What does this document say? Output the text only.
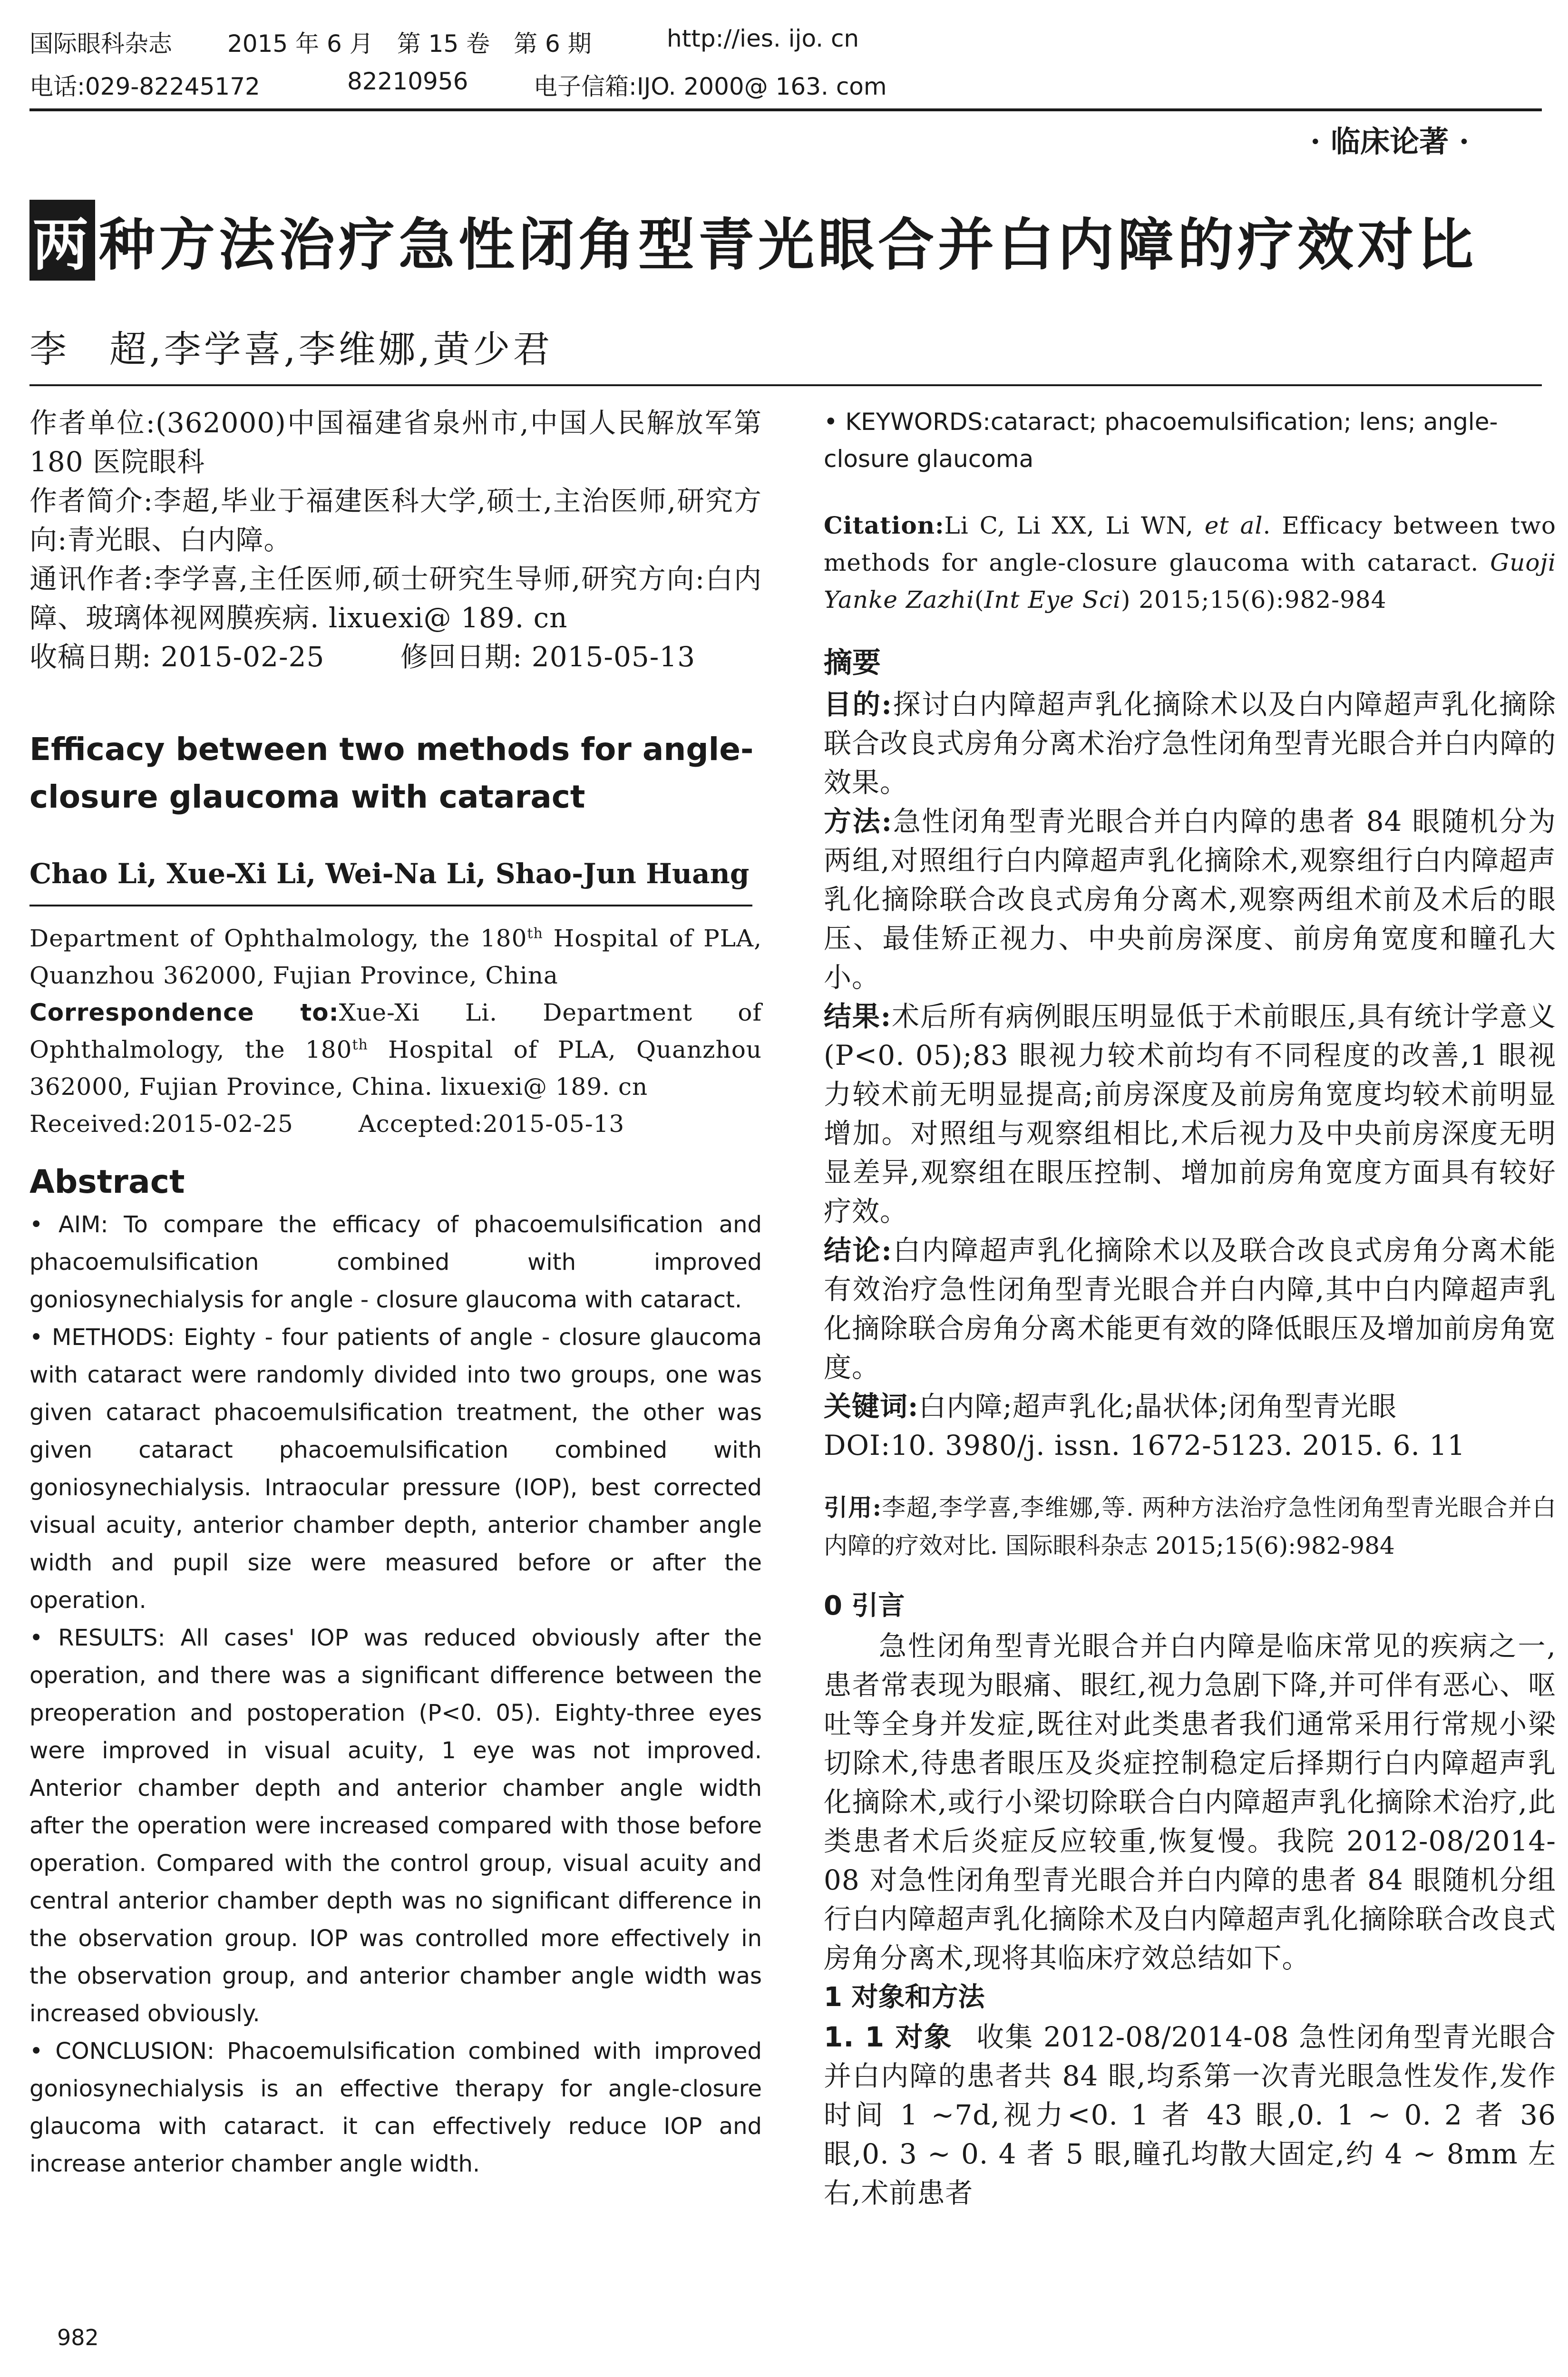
国际眼科杂志 2015 年 6 月　第 15 卷　第 6 期	http://ies. ijo. cn
电话:029-82245172	82210956	电子信箱:IJO. 2000@ 163. com
· 临床论著 ·
两 种方法治疗急性闭角型青光眼合并白内障的疗效对比
李　超,李学喜,李维娜,黄少君

作者单位:(362000)中国福建省泉州市,中国人民解放军第 180 医院眼科

作者简介:李超,毕业于福建医科大学,硕士,主治医师,研究方向:青光眼、白内障。

通讯作者:李学喜,主任医师,硕士研究生导师,研究方向:白内障、玻璃体视网膜疾病. lixuexi@ 189. cn

收稿日期: 2015-02-25	修回日期: 2015-05-13

Efficacy between two methods for angle-closure glaucoma with cataract

Chao Li, Xue-Xi Li, Wei-Na Li, Shao-Jun Huang

Department of Ophthalmology, the 180th Hospital of PLA, Quanzhou 362000, Fujian Province, China

Correspondence to:Xue-Xi Li. Department of Ophthalmology, the 180th Hospital of PLA, Quanzhou 362000, Fujian Province, China. lixuexi@ 189. cn

Received:2015-02-25	Accepted:2015-05-13

Abstract

• AIM: To compare the efficacy of phacoemulsification and phacoemulsification combined with improved goniosynechialysis for angle - closure glaucoma with cataract.

• METHODS: Eighty - four patients of angle - closure glaucoma with cataract were randomly divided into two groups, one was given cataract phacoemulsification treatment, the other was given cataract phacoemulsification combined with goniosynechialysis. Intraocular pressure (IOP), best corrected visual acuity, anterior chamber depth, anterior chamber angle width and pupil size were measured before or after the operation.

• RESULTS: All cases' IOP was reduced obviously after the operation, and there was a significant difference between the preoperation and postoperation (P<0. 05). Eighty-three eyes were improved in visual acuity, 1 eye was not improved. Anterior chamber depth and anterior chamber angle width after the operation were increased compared with those before operation. Compared with the control group, visual acuity and central anterior chamber depth was no significant difference in the observation group. IOP was controlled more effectively in the observation group, and anterior chamber angle width was increased obviously.

• CONCLUSION: Phacoemulsification combined with improved goniosynechialysis is an effective therapy for angle-closure glaucoma with cataract. it can effectively reduce IOP and increase anterior chamber angle width.

982

• KEYWORDS:cataract; phacoemulsification; lens; angle-closure glaucoma

Citation:Li C, Li XX, Li WN, et al. Efficacy between two methods for angle-closure glaucoma with cataract. Guoji Yanke Zazhi(Int Eye Sci) 2015;15(6):982-984

摘要

目的:探讨白内障超声乳化摘除术以及白内障超声乳化摘除联合改良式房角分离术治疗急性闭角型青光眼合并白内障的效果。

方法:急性闭角型青光眼合并白内障的患者 84 眼随机分为两组,对照组行白内障超声乳化摘除术,观察组行白内障超声乳化摘除联合改良式房角分离术,观察两组术前及术后的眼压、最佳矫正视力、中央前房深度、前房角宽度和瞳孔大小。

结果:术后所有病例眼压明显低于术前眼压,具有统计学意义(P<0. 05);83 眼视力较术前均有不同程度的改善,1 眼视力较术前无明显提高;前房深度及前房角宽度均较术前明显增加。对照组与观察组相比,术后视力及中央前房深度无明显差异,观察组在眼压控制、增加前房角宽度方面具有较好疗效。

结论:白内障超声乳化摘除术以及联合改良式房角分离术能有效治疗急性闭角型青光眼合并白内障,其中白内障超声乳化摘除联合房角分离术能更有效的降低眼压及增加前房角宽度。

关键词:白内障;超声乳化;晶状体;闭角型青光眼

DOI:10. 3980/j. issn. 1672-5123. 2015. 6. 11

引用:李超,李学喜,李维娜,等. 两种方法治疗急性闭角型青光眼合并白内障的疗效对比. 国际眼科杂志 2015;15(6):982-984

0 引言

急性闭角型青光眼合并白内障是临床常见的疾病之一,患者常表现为眼痛、眼红,视力急剧下降,并可伴有恶心、呕吐等全身并发症,既往对此类患者我们通常采用行常规小梁切除术,待患者眼压及炎症控制稳定后择期行白内障超声乳化摘除术,或行小梁切除联合白内障超声乳化摘除术治疗,此类患者术后炎症反应较重,恢复慢。我院 2012-08/2014-08 对急性闭角型青光眼合并白内障的患者 84 眼随机分组行白内障超声乳化摘除术及白内障超声乳化摘除联合改良式房角分离术,现将其临床疗效总结如下。

1 对象和方法

1. 1 对象 收集 2012-08/2014-08 急性闭角型青光眼合并白内障的患者共 84 眼,均系第一次青光眼急性发作,发作时间 1 ~7d,视力<0. 1 者 43 眼,0. 1 ~ 0. 2 者 36 眼,0. 3 ~ 0. 4 者 5 眼,瞳孔均散大固定,约 4 ~ 8mm 左右,术前患者
